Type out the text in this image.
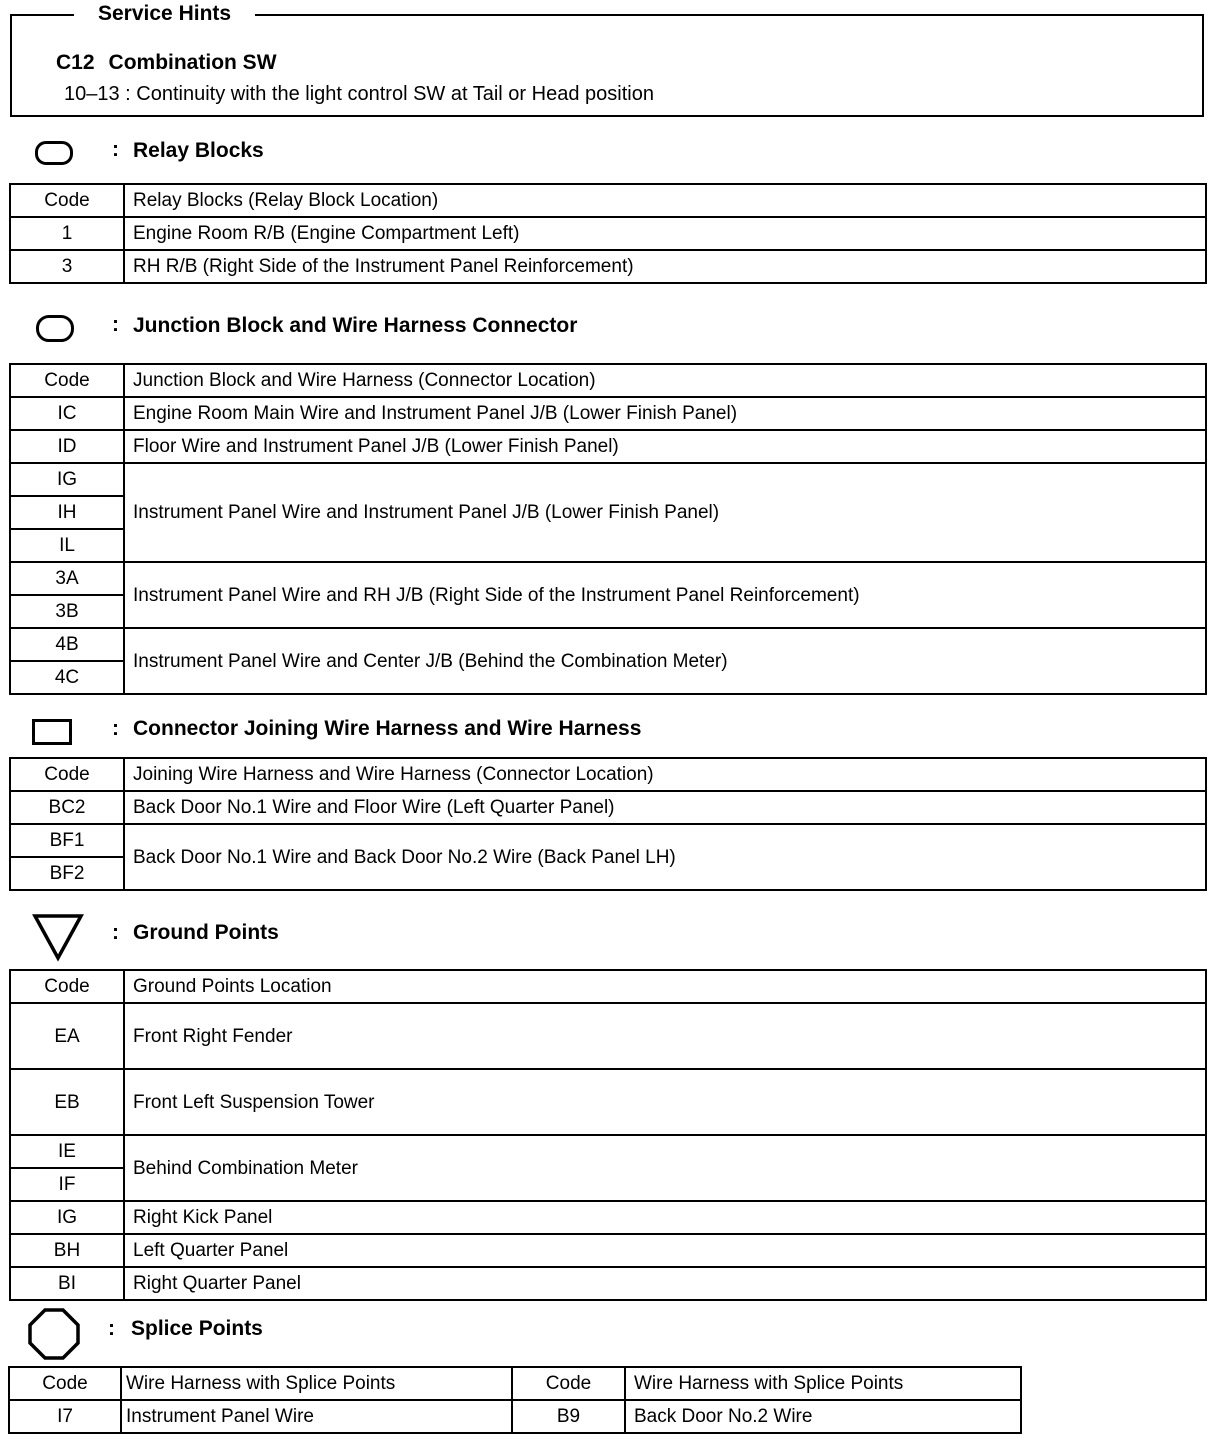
C12 Combination SW
10–13 : Continuity with the light control SW at Tail or Head position
Service Hints
: Relay Blocks
Code	Relay Blocks (Relay Block Location)
1	Engine Room R/B (Engine Compartment Left)
3	RH R/B (Right Side of the Instrument Panel Reinforcement)
: Junction Block and Wire Harness Connector
Code	Junction Block and Wire Harness (Connector Location)
IC	Engine Room Main Wire and Instrument Panel J/B (Lower Finish Panel)
ID	Floor Wire and Instrument Panel J/B (Lower Finish Panel)
IG	Instrument Panel Wire and Instrument Panel J/B (Lower Finish Panel)
IH	
IL	
3A	Instrument Panel Wire and RH J/B (Right Side of the Instrument Panel Reinforcement)
3B	
4B	Instrument Panel Wire and Center J/B (Behind the Combination Meter)
4C	
: Connector Joining Wire Harness and Wire Harness
Code	Joining Wire Harness and Wire Harness (Connector Location)
BC2	Back Door No.1 Wire and Floor Wire (Left Quarter Panel)
BF1	Back Door No.1 Wire and Back Door No.2 Wire (Back Panel LH)
BF2	
: Ground Points
Code	Ground Points Location
EA	Front Right Fender
EB	Front Left Suspension Tower
IE	Behind Combination Meter
IF	
IG	Right Kick Panel
BH	Left Quarter Panel
BI	Right Quarter Panel
: Splice Points
Code	Wire Harness with Splice Points	Code	Wire Harness with Splice Points
I7	Instrument Panel Wire	B9	Back Door No.2 Wire
